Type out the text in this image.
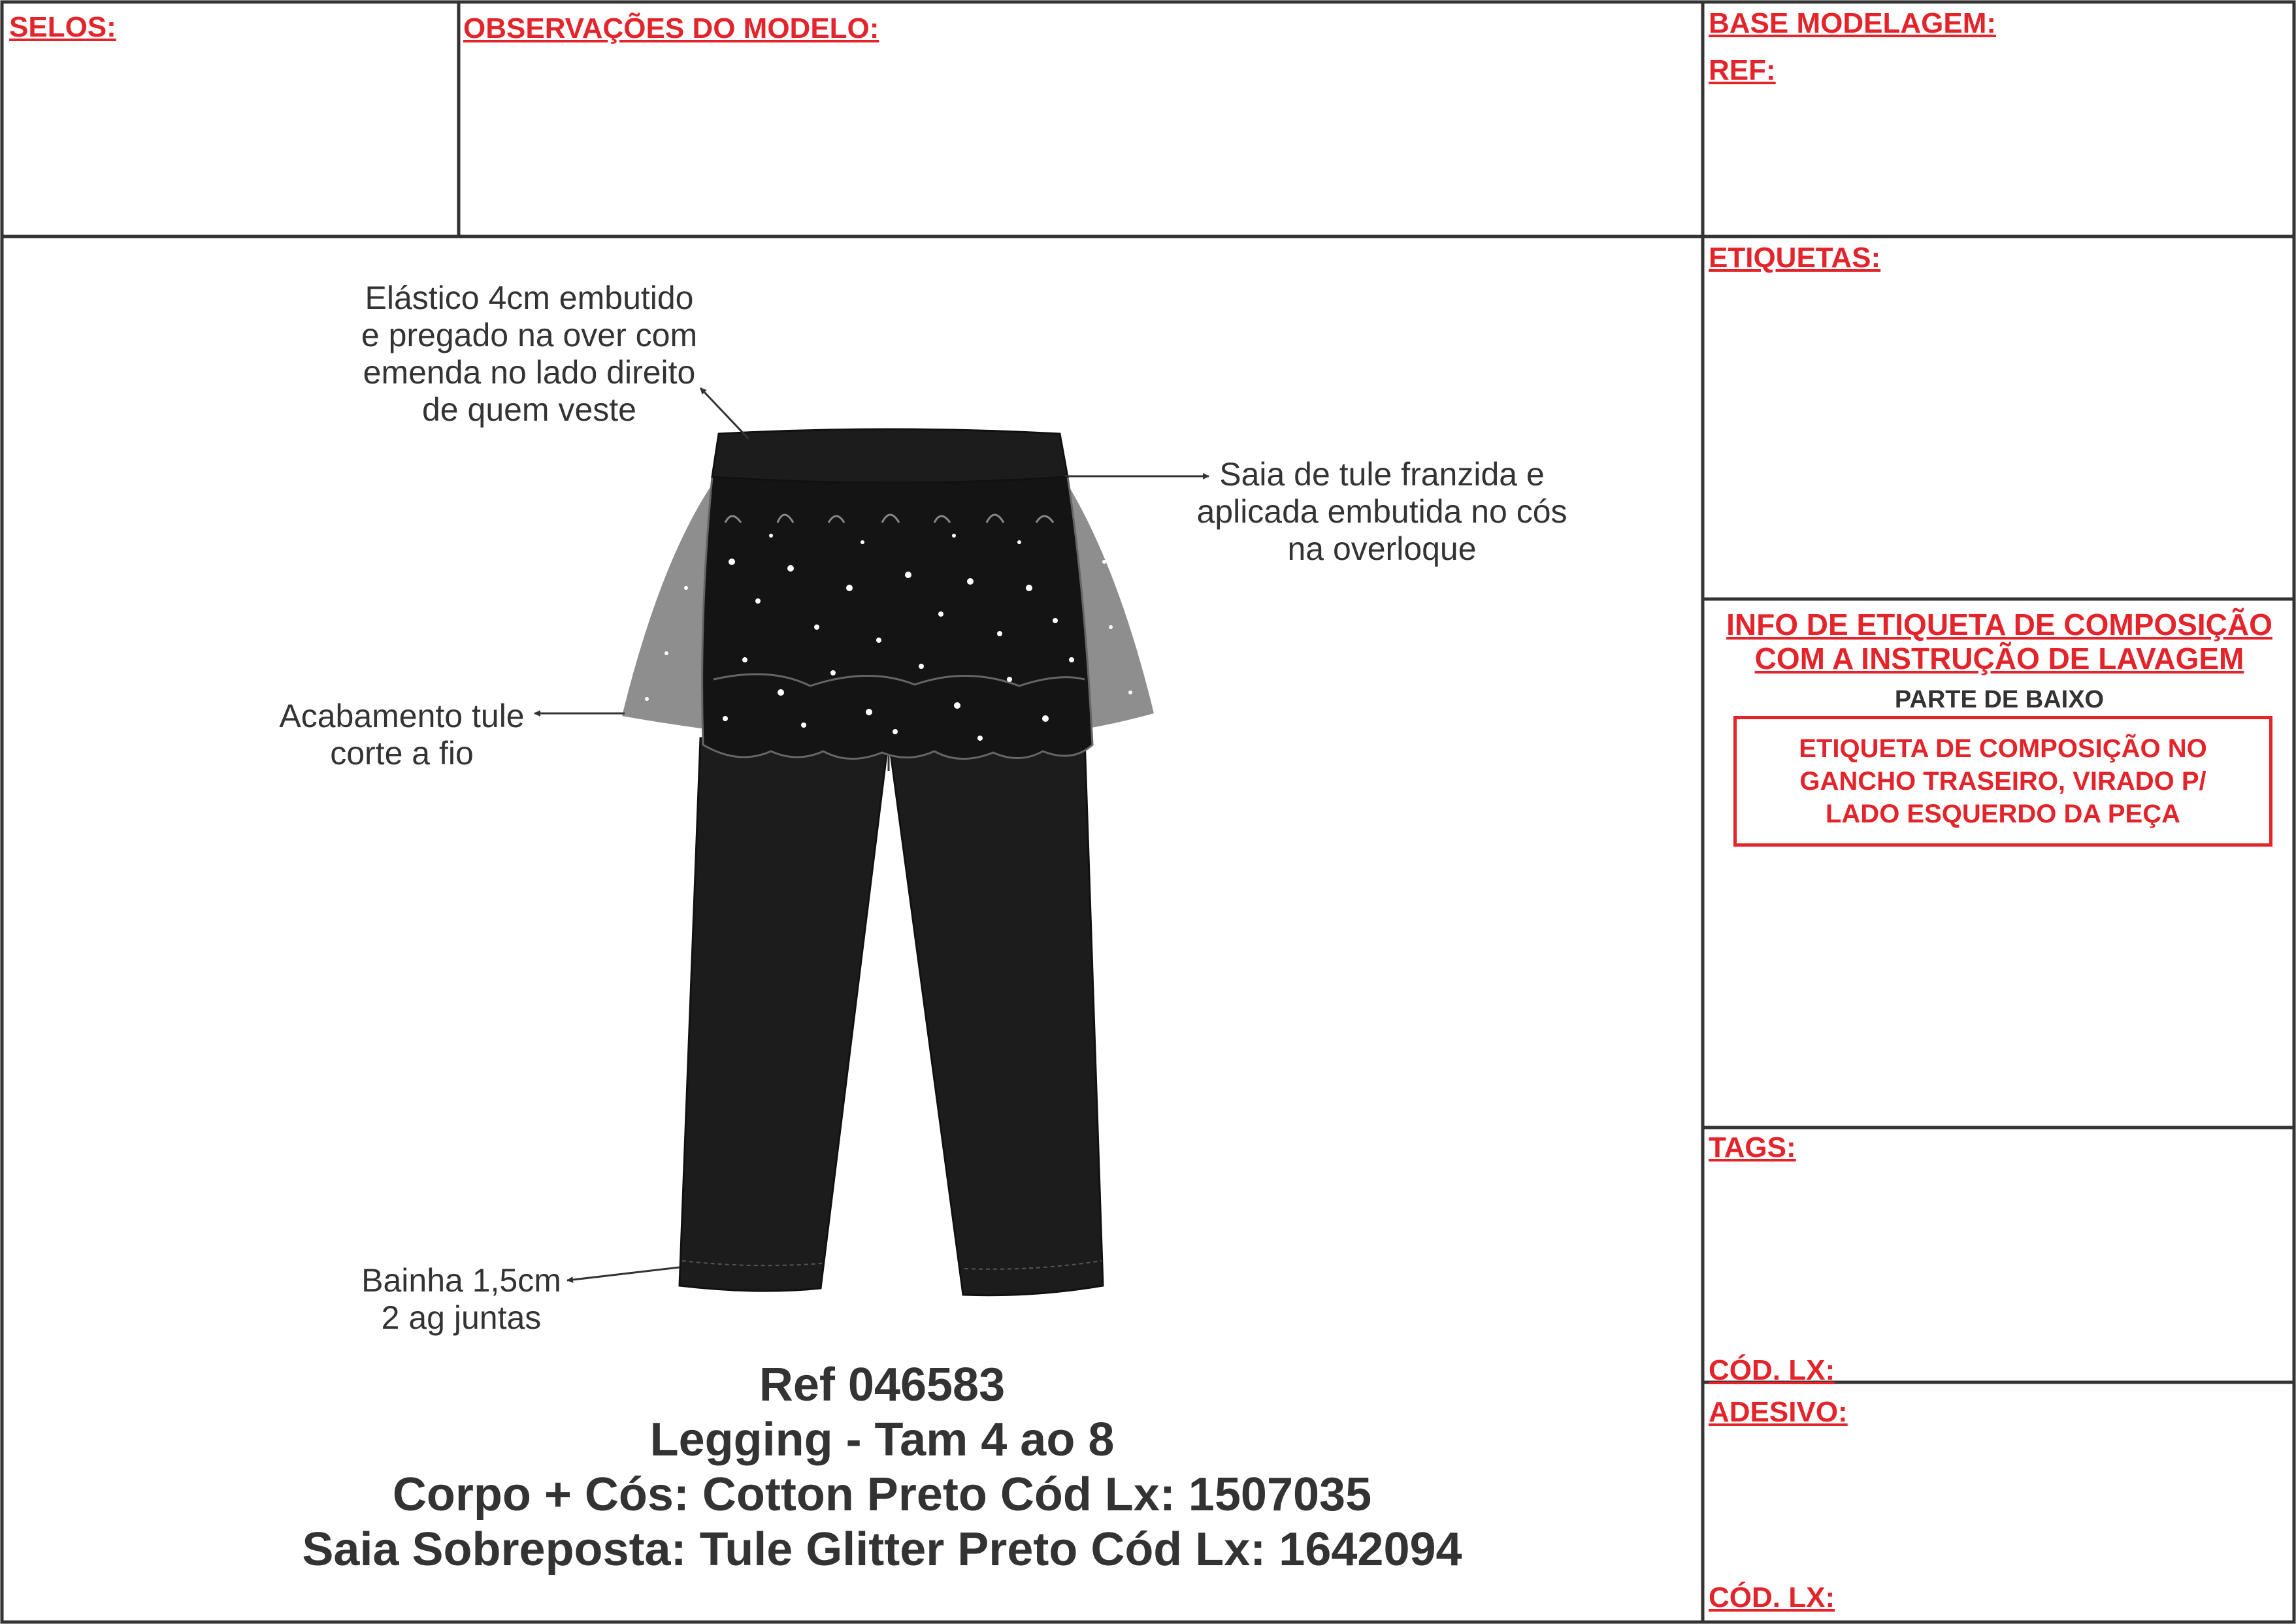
SELOS:	OBSERVAÇÕES DO MODELO:	BASE MODELAGEM:
REF:
ETIQUETAS:
INFO DE ETIQUETA DE COMPOSIÇÃO
COM A INSTRUÇÃO DE LAVAGEM
PARTE DE BAIXO
ETIQUETA DE COMPOSIÇÃO NO
GANCHO TRASEIRO, VIRADO P/
LADO ESQUERDO DA PEÇA
TAGS:
CÓD. LX:
ADESIVO:
CÓD. LX:
Elástico 4cm embutido
e pregado na over com
emenda no lado direito
de quem veste
Saia de tule franzida e
aplicada embutida no cós
na overloque
Acabamento tule
corte a fio
Bainha 1,5cm
2 ag juntas
Ref 046583
Legging - Tam 4 ao 8
Corpo + Cós: Cotton Preto Cód Lx: 1507035
Saia Sobreposta: Tule Glitter Preto Cód Lx: 1642094
